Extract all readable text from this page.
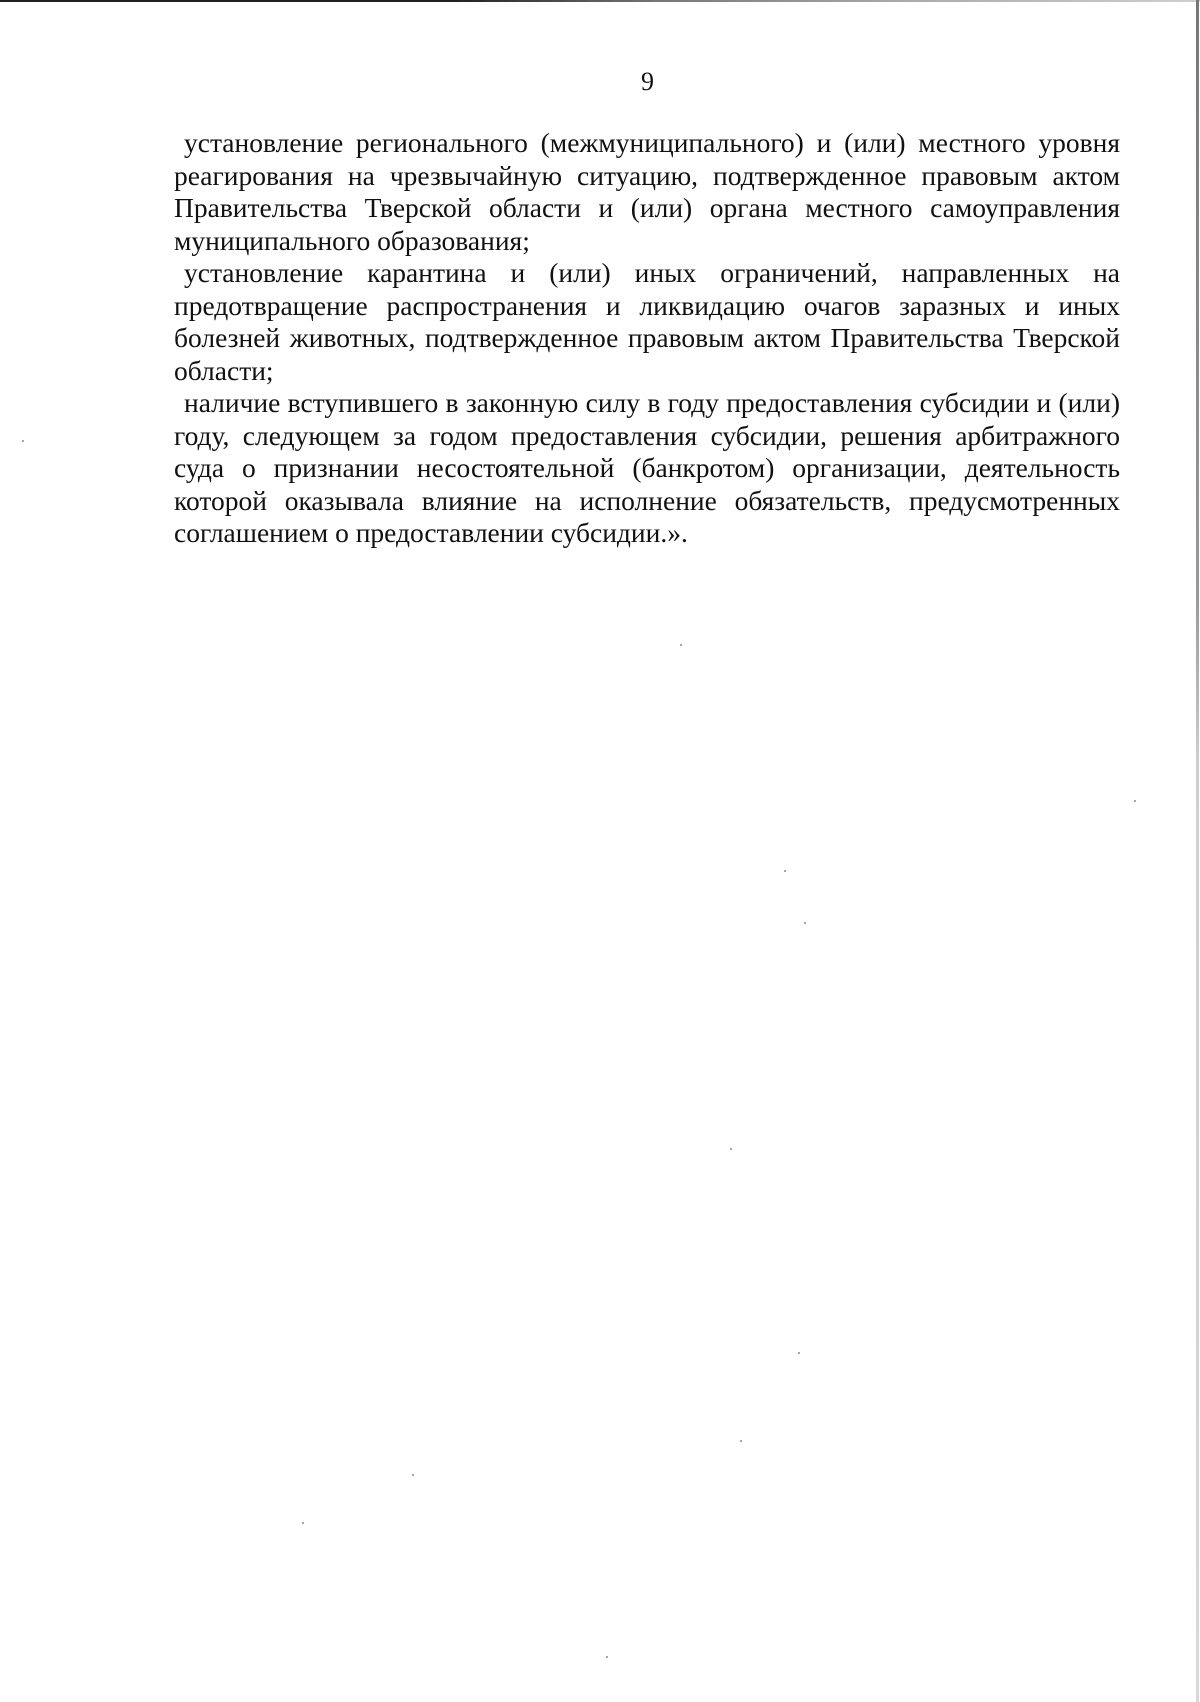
9

установление регионального (межмуниципального) и (или) местного уровня реагирования на чрезвычайную ситуацию, подтвержденное правовым актом Правительства Тверской области и (или) органа местного самоуправления муниципального образования;

установление карантина и (или) иных ограничений, направленных на предотвращение распространения и ликвидацию очагов заразных и иных болезней животных, подтвержденное правовым актом Правительства Тверской области;

наличие вступившего в законную силу в году предоставления субсидии и (или) году, следующем за годом предоставления субсидии, решения арбитражного суда о признании несостоятельной (банкротом) организации, деятельность которой оказывала влияние на исполнение обязательств, предусмотренных соглашением о предоставлении субсидии.».
